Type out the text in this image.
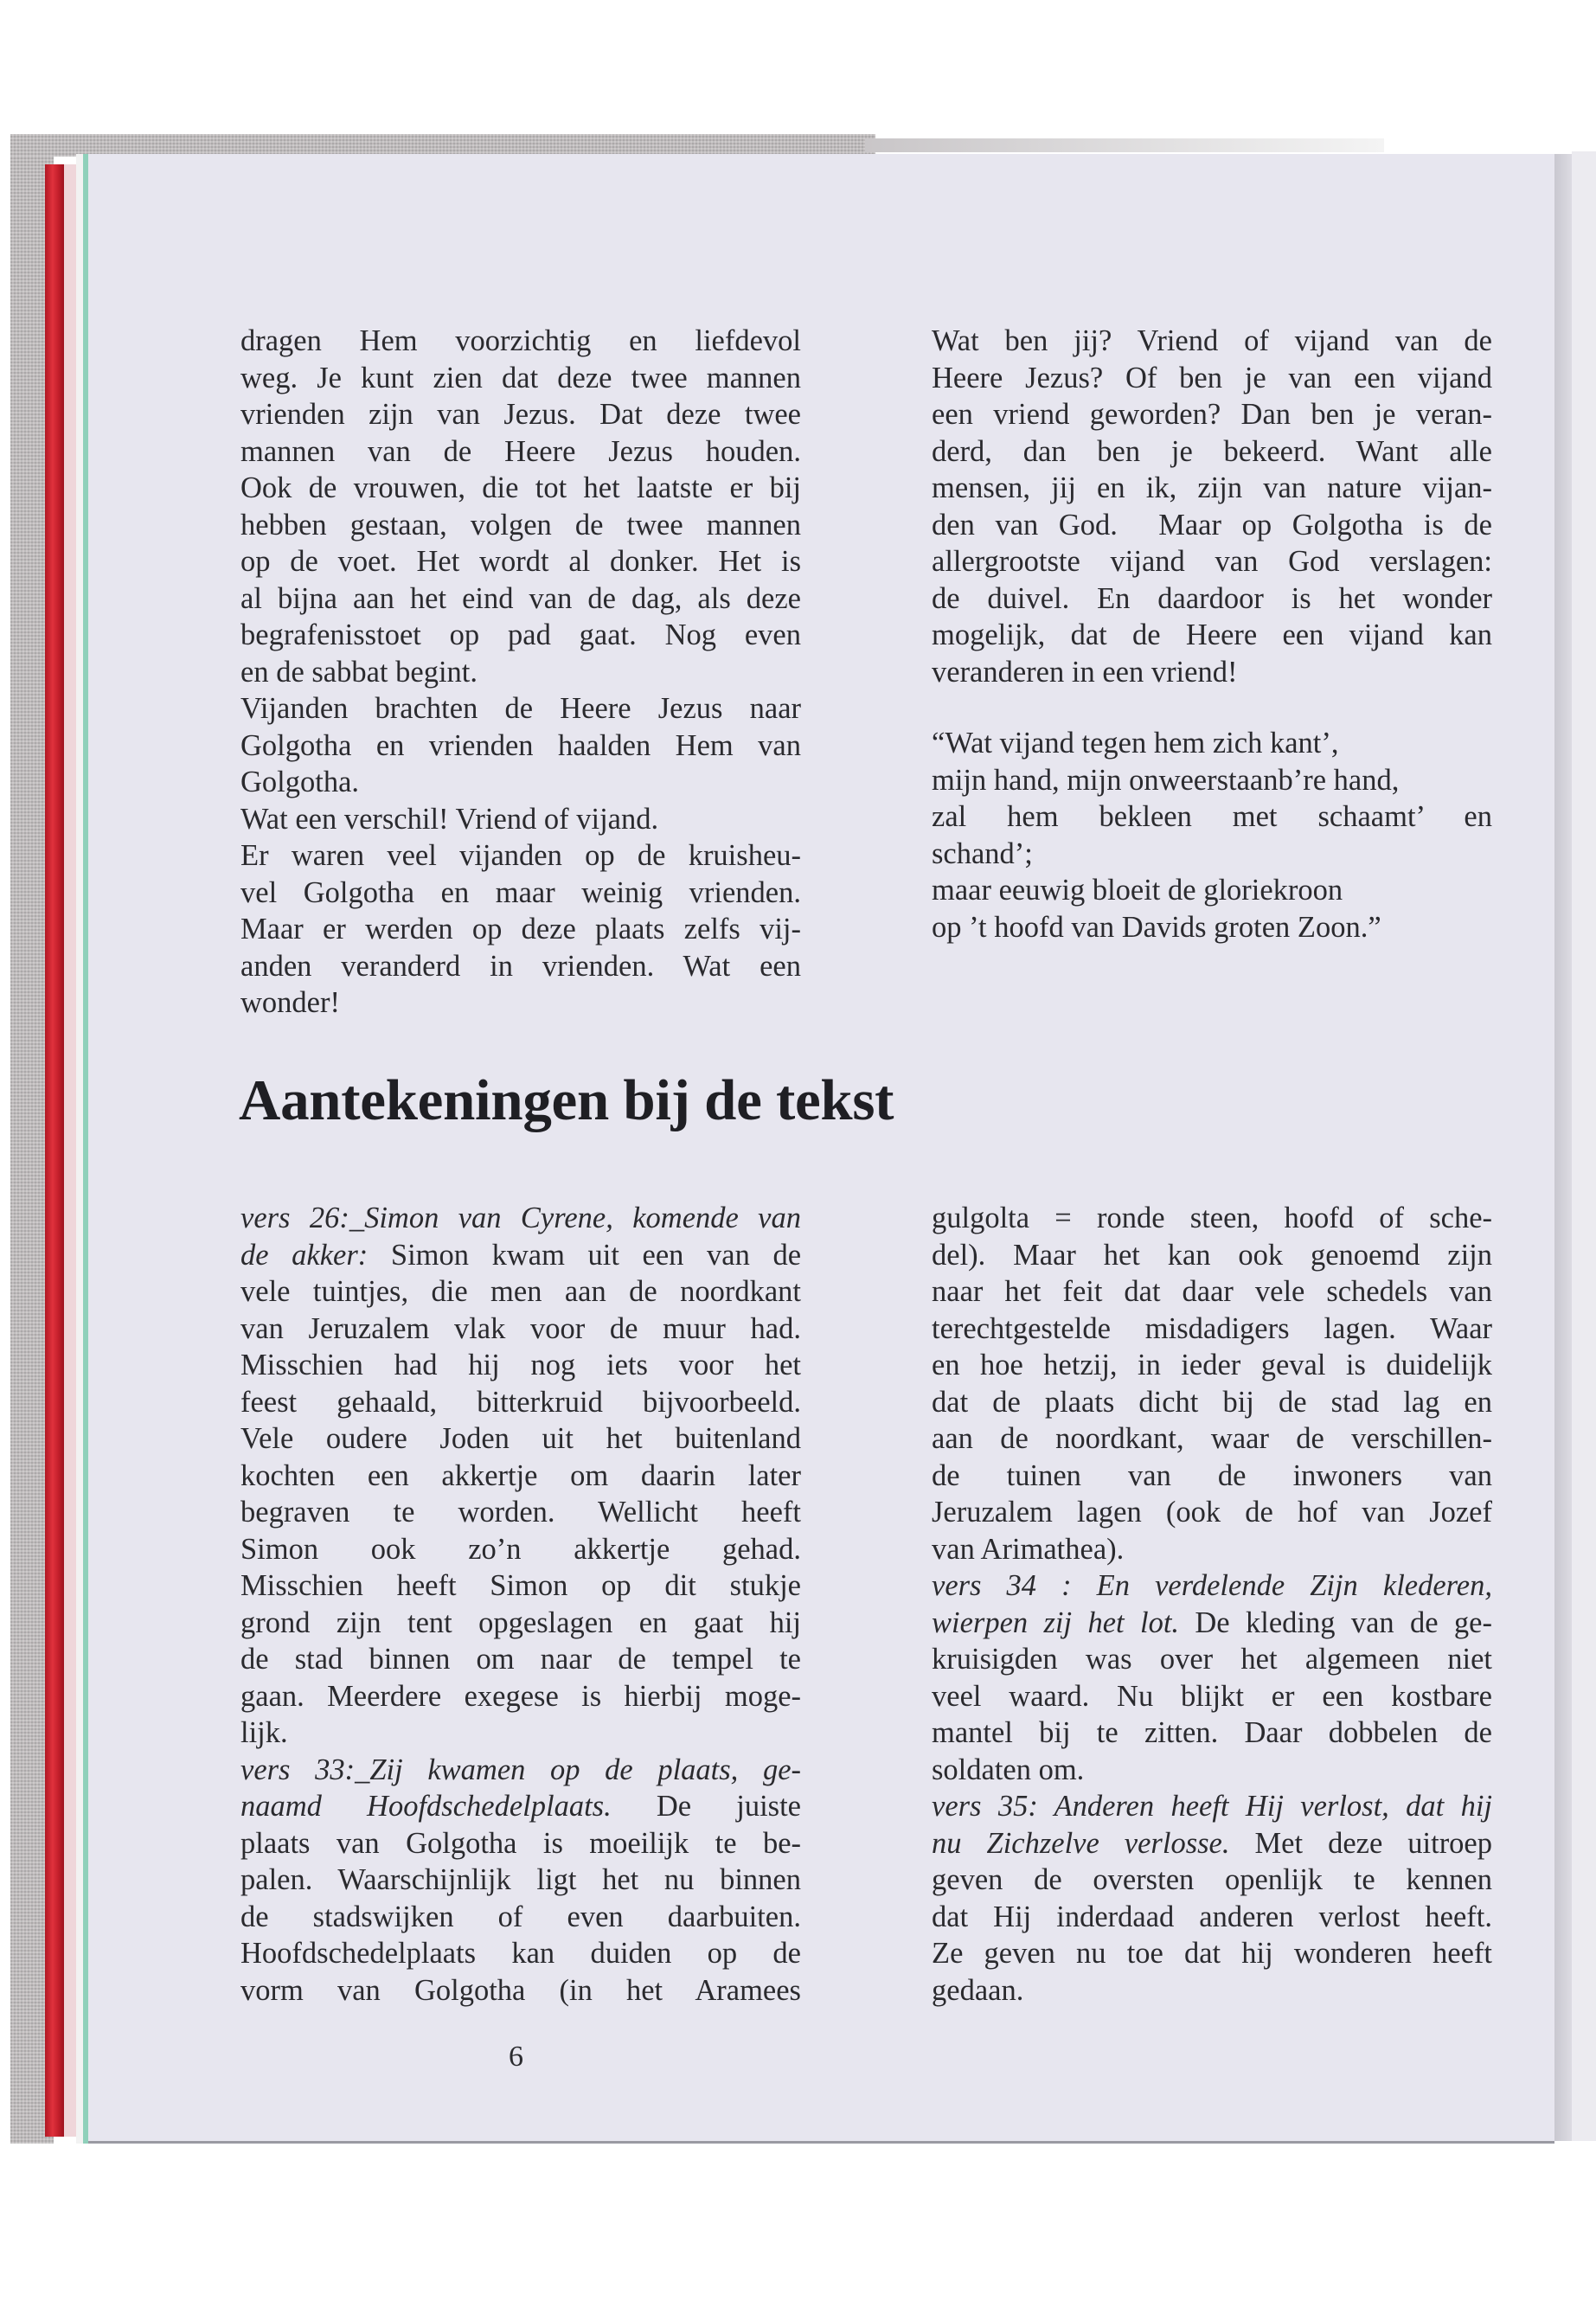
dragen Hem voorzichtig en liefdevol
weg. Je kunt zien dat deze twee mannen
vrienden zijn van Jezus. Dat deze twee
mannen van de Heere Jezus houden.
Ook de vrouwen, die tot het laatste er bij
hebben gestaan, volgen de twee mannen
op de voet. Het wordt al donker. Het is
al bijna aan het eind van de dag, als deze
begrafenisstoet op pad gaat. Nog even
en de sabbat begint.
Vijanden brachten de Heere Jezus naar
Golgotha en vrienden haalden Hem van
Golgotha.
Wat een verschil! Vriend of vijand.
Er waren veel vijanden op de kruisheu-
vel Golgotha en maar weinig vrienden.
Maar er werden op deze plaats zelfs vij-
anden veranderd in vrienden. Wat een
wonder!
Wat ben jij? Vriend of vijand van de
Heere Jezus? Of ben je van een vijand
een vriend geworden? Dan ben je veran-
derd, dan ben je bekeerd. Want alle
mensen, jij en ik, zijn van nature vijan-
den van God.  Maar op Golgotha is de
allergrootste vijand van God verslagen:
de duivel. En daardoor is het wonder
mogelijk, dat de Heere een vijand kan
veranderen in een vriend!
“Wat vijand tegen hem zich kant’,
mijn hand, mijn onweerstaanb’re hand,
zal hem bekleen met schaamt’ en
schand’;
maar eeuwig bloeit de gloriekroon
op ’t hoofd van Davids groten Zoon.”
Aantekeningen bij de tekst
vers 26:_Simon van Cyrene, komende van
de akker: Simon kwam uit een van de
vele tuintjes, die men aan de noordkant
van Jeruzalem vlak voor de muur had.
Misschien had hij nog iets voor het
feest gehaald, bitterkruid bijvoorbeeld.
Vele oudere Joden uit het buitenland
kochten een akkertje om daarin later
begraven te worden. Wellicht heeft
Simon ook zo’n akkertje gehad.
Misschien heeft Simon op dit stukje
grond zijn tent opgeslagen en gaat hij
de stad binnen om naar de tempel te
gaan. Meerdere exegese is hierbij moge-
lijk.
vers 33:_Zij kwamen op de plaats, ge-
naamd Hoofdschedelplaats. De juiste
plaats van Golgotha is moeilijk te be-
palen. Waarschijnlijk ligt het nu binnen
de stadswijken of even daarbuiten.
Hoofdschedelplaats kan duiden op de
vorm van Golgotha (in het Aramees
gulgolta = ronde steen, hoofd of sche-
del). Maar het kan ook genoemd zijn
naar het feit dat daar vele schedels van
terechtgestelde misdadigers lagen. Waar
en hoe hetzij, in ieder geval is duidelijk
dat de plaats dicht bij de stad lag en
aan de noordkant, waar de verschillen-
de tuinen van de inwoners van
Jeruzalem lagen (ook de hof van Jozef
van Arimathea).
vers 34 : En verdelende Zijn klederen,
wierpen zij het lot. De kleding van de ge-
kruisigden was over het algemeen niet
veel waard. Nu blijkt er een kostbare
mantel bij te zitten. Daar dobbelen de
soldaten om.
vers 35: Anderen heeft Hij verlost, dat hij
nu Zichzelve verlosse. Met deze uitroep
geven de oversten openlijk te kennen
dat Hij inderdaad anderen verlost heeft.
Ze geven nu toe dat hij wonderen heeft
gedaan.
6
